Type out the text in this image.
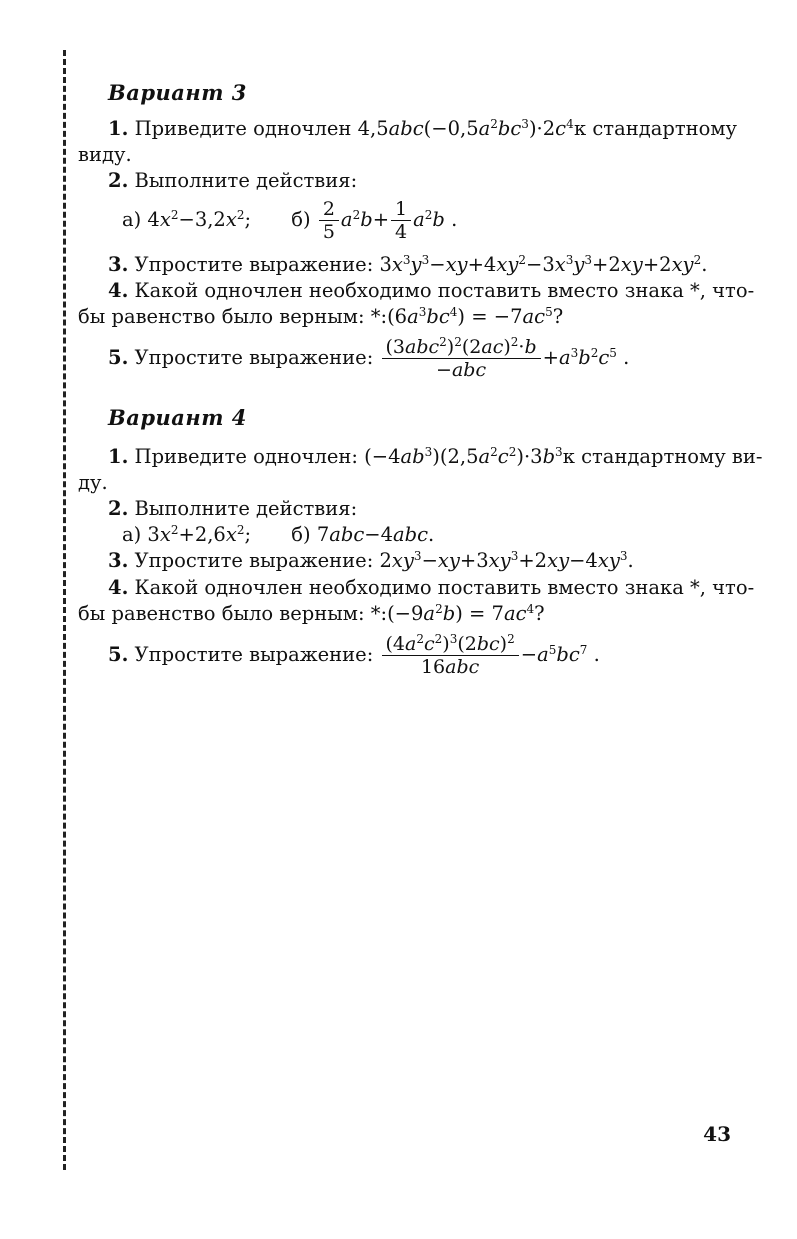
Вариант 3
1. Приведите одночлен $4,5abc(-0,5a^2bc^3)\cdot 2c^4$ к стандартному
виду.
2. Выполните действия:
а) $4x^2-3,2x^2$; $б) \frac{2}{5} a^2b+ \frac{1}{4} a^2b$ .
3. Упростите выражение: $3x^3y^3-xy+4xy^2-3x^3y^3+2xy+2xy^2$.
4. Какой одночлен необходимо поставить вместо знака *, что-
бы равенство было верным: $*:(6a^3bc^4) = -7ac^5$?
5. Упростите выражение: $\frac{(3abc^2)^2(2ac)^2\cdot b}{\text{−abc}} +a^3b^2c^5$ .
Вариант 4
1. Приведите одночлен: $(-4ab^3)(2,5a^2c^2)\cdot 3b^3$ к стандартному ви-
ду.
2. Выполните действия:
а) $3x^2+2,6x^2$; б) 7abc−4abc.
3. Упростите выражение: $2xy^3-xy+3xy^3+2xy-4xy^3$.
4. Какой одночлен необходимо поставить вместо знака *, что-
бы равенство было верным: $*:(-9a^2b) = 7ac^4$?
5. Упростите выражение: $\frac{(4a^2c^2)^3(2bc)^2}{\text{16abc}} -a^5bc^7$ .
43
